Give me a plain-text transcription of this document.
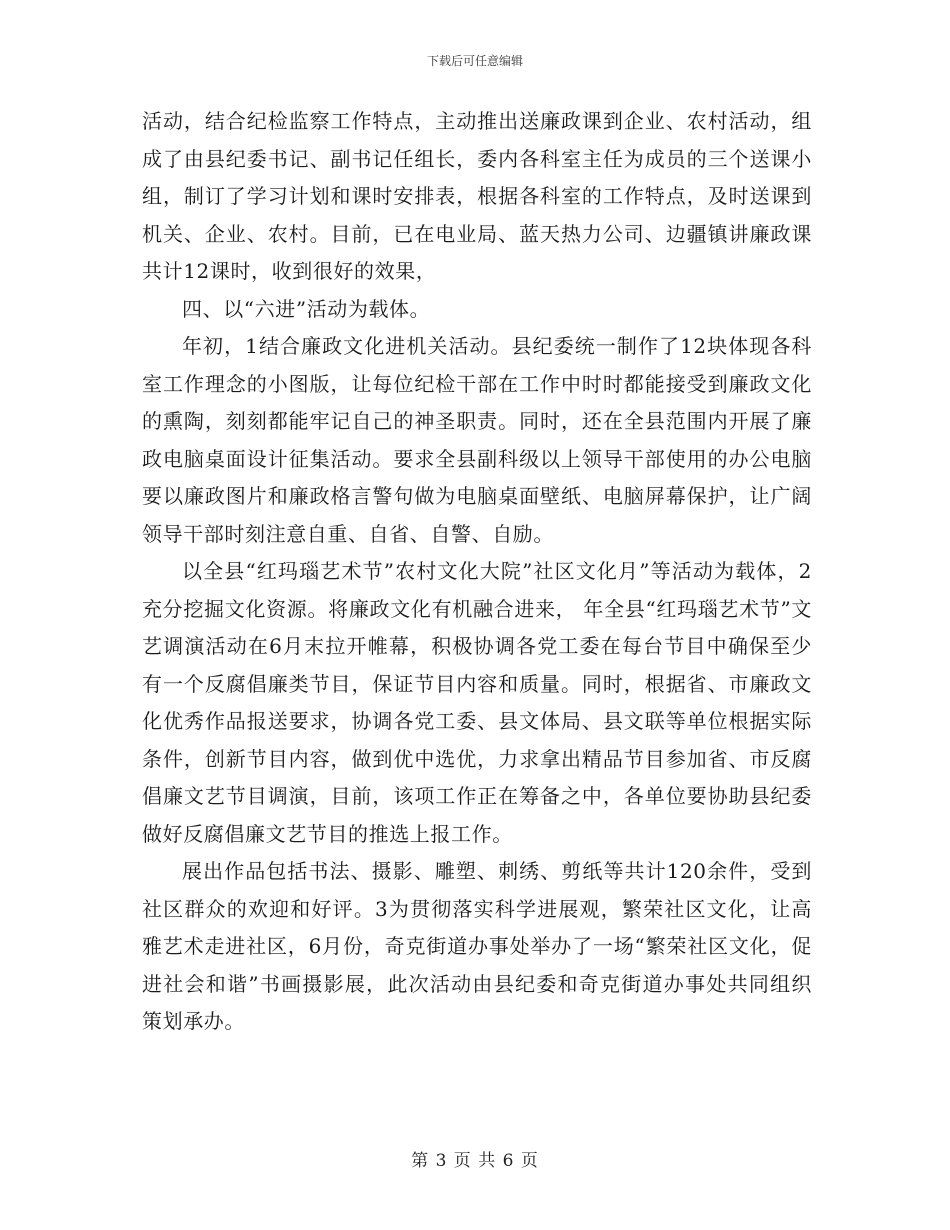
下载后可任意编辑

活动，结合纪检监察工作特点，主动推出送廉政课到企业、农村活动，组成了由县纪委书记、副书记任组长，委内各科室主任为成员的三个送课小组，制订了学习计划和课时安排表，根据各科室的工作特点，及时送课到机关、企业、农村。目前，已在电业局、蓝天热力公司、边疆镇讲廉政课共计12课时，收到很好的效果，

四、以“六进”活动为载体。

年初，1结合廉政文化进机关活动。县纪委统一制作了12块体现各科室工作理念的小图版，让每位纪检干部在工作中时时都能接受到廉政文化的熏陶，刻刻都能牢记自己的神圣职责。同时，还在全县范围内开展了廉政电脑桌面设计征集活动。要求全县副科级以上领导干部使用的办公电脑要以廉政图片和廉政格言警句做为电脑桌面壁纸、电脑屏幕保护，让广阔领导干部时刻注意自重、自省、自警、自励。

以全县“红玛瑙艺术节”农村文化大院”社区文化月”等活动为载体，2充分挖掘文化资源。将廉政文化有机融合进来， 年全县“红玛瑙艺术节”文艺调演活动在6月末拉开帷幕，积极协调各党工委在每台节目中确保至少有一个反腐倡廉类节目，保证节目内容和质量。同时，根据省、市廉政文化优秀作品报送要求，协调各党工委、县文体局、县文联等单位根据实际条件，创新节目内容，做到优中选优，力求拿出精品节目参加省、市反腐倡廉文艺节目调演，目前，该项工作正在筹备之中，各单位要协助县纪委做好反腐倡廉文艺节目的推选上报工作。

展出作品包括书法、摄影、雕塑、刺绣、剪纸等共计120余件，受到社区群众的欢迎和好评。3为贯彻落实科学进展观，繁荣社区文化，让高雅艺术走进社区，6月份，奇克街道办事处举办了一场“繁荣社区文化，促进社会和谐”书画摄影展，此次活动由县纪委和奇克街道办事处共同组织策划承办。

第 3 页 共 6 页
